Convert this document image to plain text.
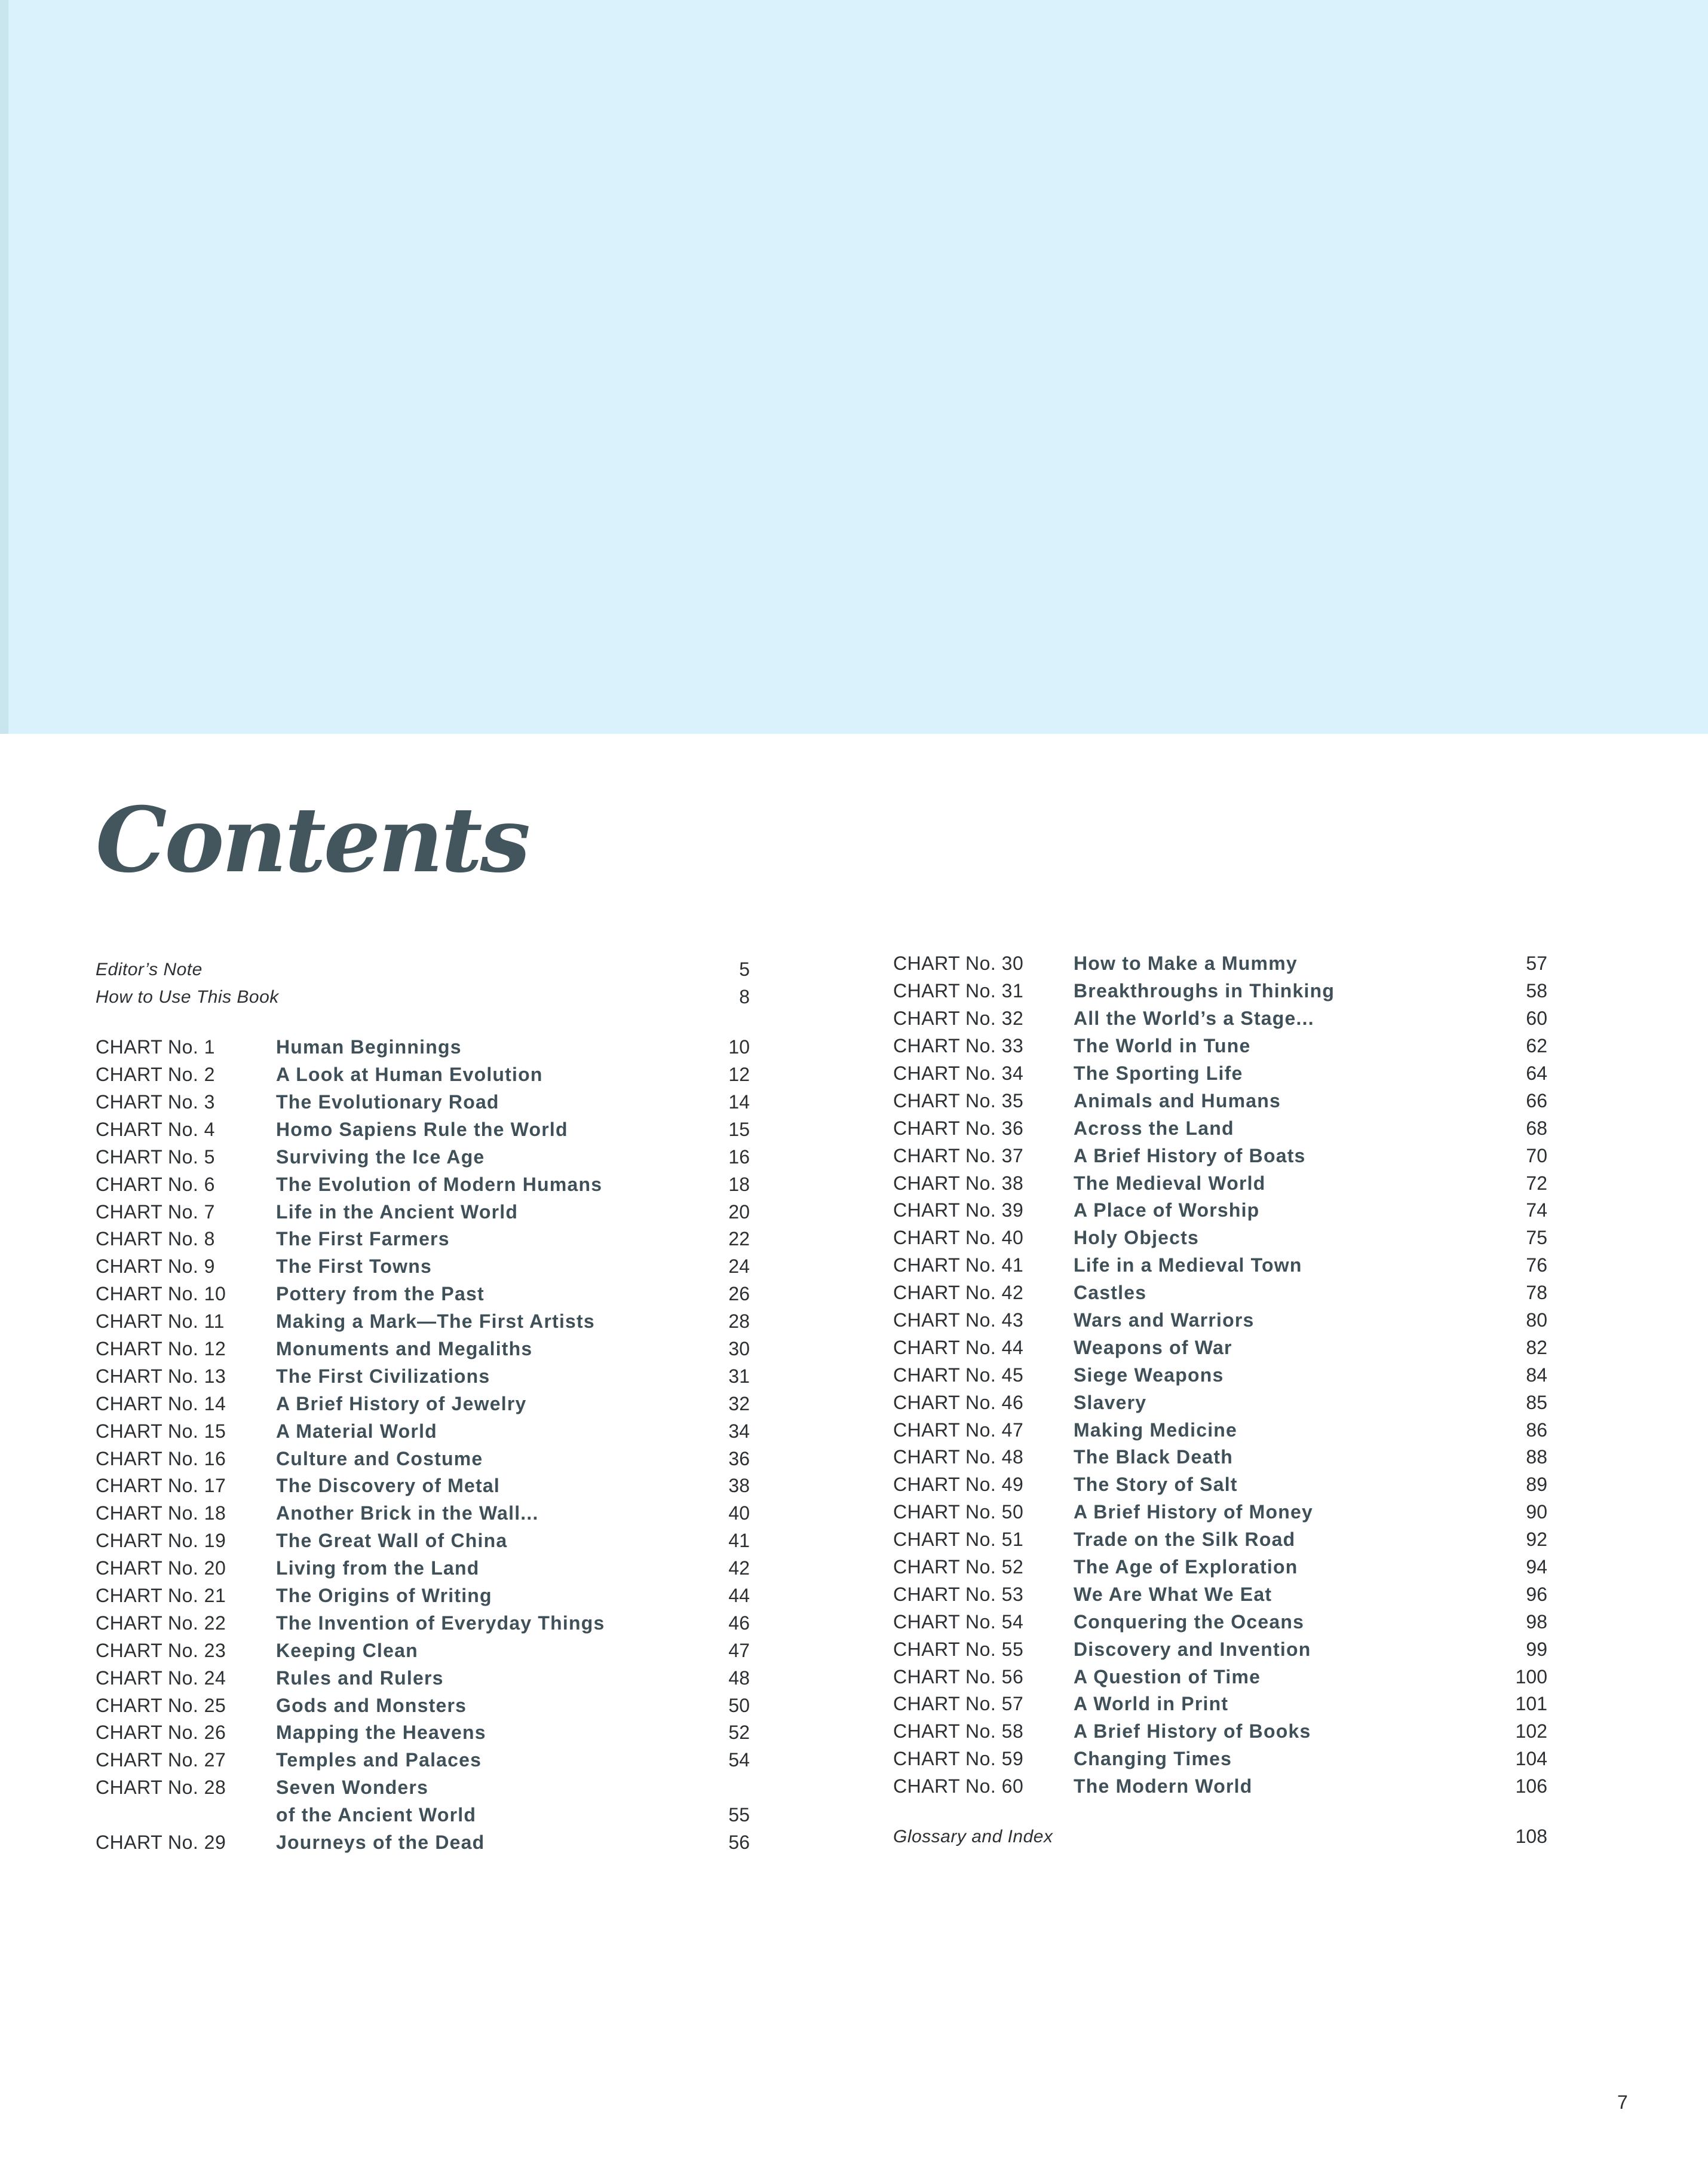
Contents
Editor’s Note	5
How to Use This Book	8
CHART No. 1	Human Beginnings	10
CHART No. 2	A Look at Human Evolution	12
CHART No. 3	The Evolutionary Road	14
CHART No. 4	Homo Sapiens Rule the World	15
CHART No. 5	Surviving the Ice Age	16
CHART No. 6	The Evolution of Modern Humans	18
CHART No. 7	Life in the Ancient World	20
CHART No. 8	The First Farmers	22
CHART No. 9	The First Towns	24
CHART No. 10	Pottery from the Past	26
CHART No. 11	Making a Mark—The First Artists	28
CHART No. 12	Monuments and Megaliths	30
CHART No. 13	The First Civilizations	31
CHART No. 14	A Brief History of Jewelry	32
CHART No. 15	A Material World	34
CHART No. 16	Culture and Costume	36
CHART No. 17	The Discovery of Metal	38
CHART No. 18	Another Brick in the Wall...	40
CHART No. 19	The Great Wall of China	41
CHART No. 20	Living from the Land	42
CHART No. 21	The Origins of Writing	44
CHART No. 22	The Invention of Everyday Things	46
CHART No. 23	Keeping Clean	47
CHART No. 24	Rules and Rulers	48
CHART No. 25	Gods and Monsters	50
CHART No. 26	Mapping the Heavens	52
CHART No. 27	Temples and Palaces	54
CHART No. 28	Seven Wonders
of the Ancient World	55
CHART No. 29	Journeys of the Dead	56
CHART No. 30	How to Make a Mummy	57
CHART No. 31	Breakthroughs in Thinking	58
CHART No. 32	All the World’s a Stage...	60
CHART No. 33	The World in Tune	62
CHART No. 34	The Sporting Life	64
CHART No. 35	Animals and Humans	66
CHART No. 36	Across the Land	68
CHART No. 37	A Brief History of Boats	70
CHART No. 38	The Medieval World	72
CHART No. 39	A Place of Worship	74
CHART No. 40	Holy Objects	75
CHART No. 41	Life in a Medieval Town	76
CHART No. 42	Castles	78
CHART No. 43	Wars and Warriors	80
CHART No. 44	Weapons of War	82
CHART No. 45	Siege Weapons	84
CHART No. 46	Slavery	85
CHART No. 47	Making Medicine	86
CHART No. 48	The Black Death	88
CHART No. 49	The Story of Salt	89
CHART No. 50	A Brief History of Money	90
CHART No. 51	Trade on the Silk Road	92
CHART No. 52	The Age of Exploration	94
CHART No. 53	We Are What We Eat	96
CHART No. 54	Conquering the Oceans	98
CHART No. 55	Discovery and Invention	99
CHART No. 56	A Question of Time	100
CHART No. 57	A World in Print	101
CHART No. 58	A Brief History of Books	102
CHART No. 59	Changing Times	104
CHART No. 60	The Modern World	106
Glossary and Index	108
7
